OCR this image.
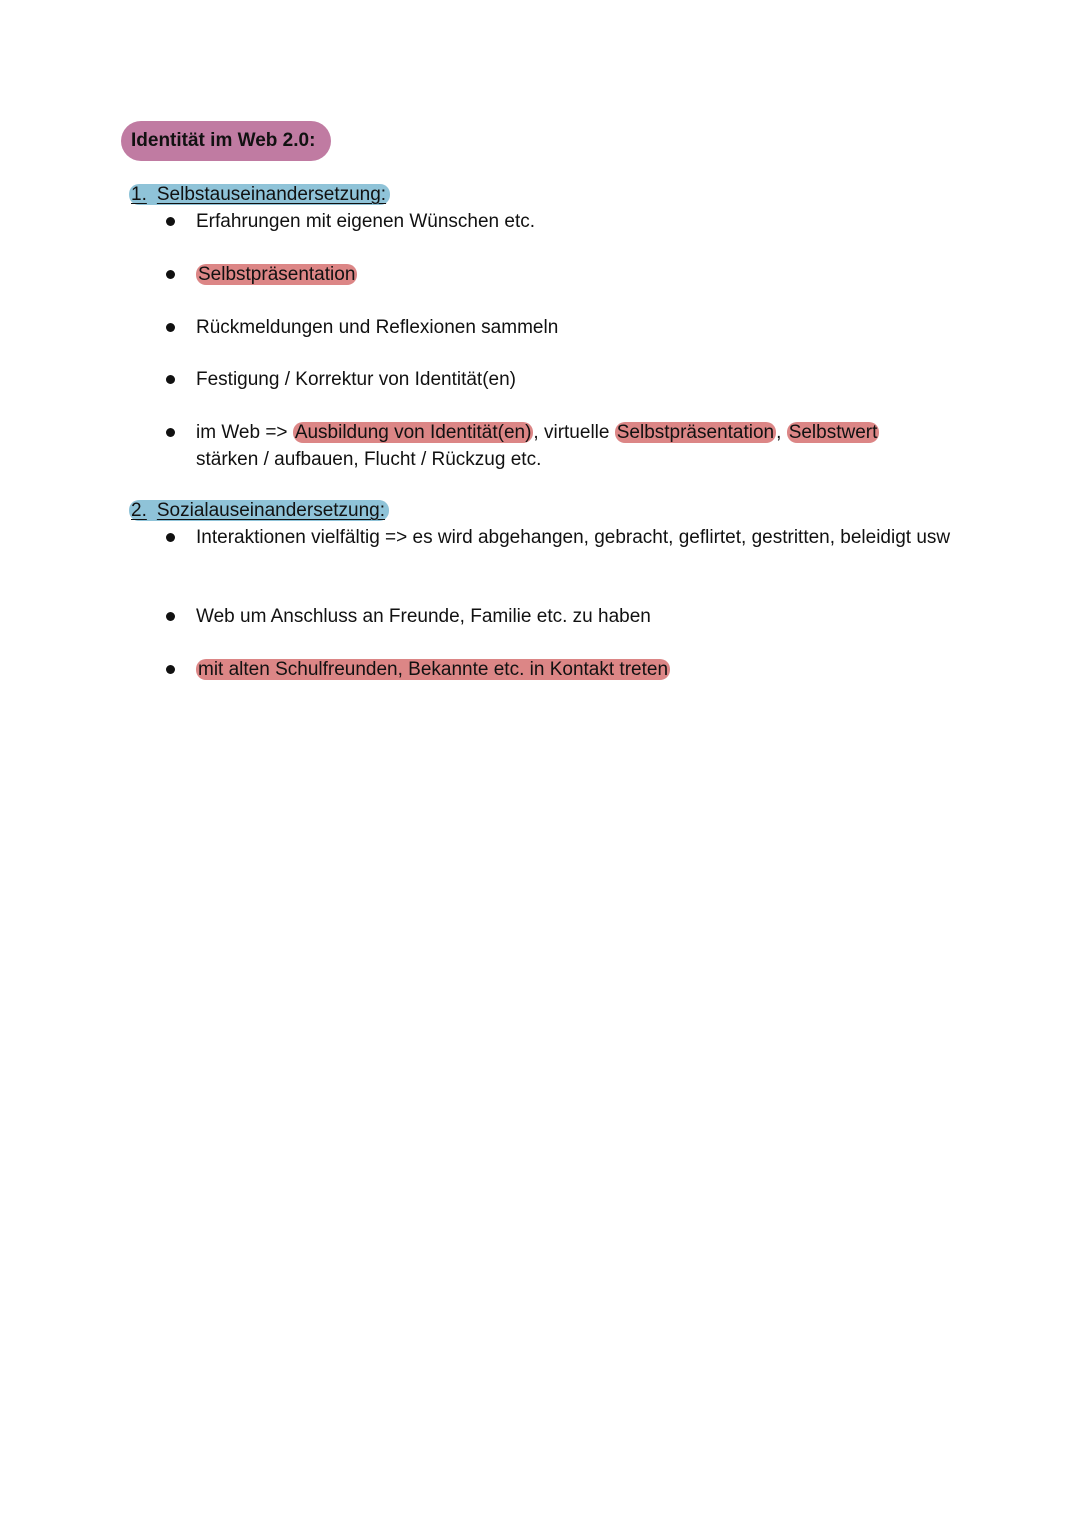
Identität im Web 2.0:
1. Selbstauseinandersetzung:
Erfahrungen mit eigenen Wünschen etc.
Selbstpräsentation
Rückmeldungen und Reflexionen sammeln
Festigung / Korrektur von Identität(en)
im Web => Ausbildung von Identität(en) , virtuelle Selbstpräsentation , Selbstwert
stärken / aufbauen, Flucht / Rückzug etc.
2. Sozialauseinandersetzung:
Interaktionen vielfältig => es wird abgehangen, gebracht, geflirtet, gestritten, beleidigt usw
Web um Anschluss an Freunde, Familie etc. zu haben
mit alten Schulfreunden, Bekannte etc. in Kontakt treten
